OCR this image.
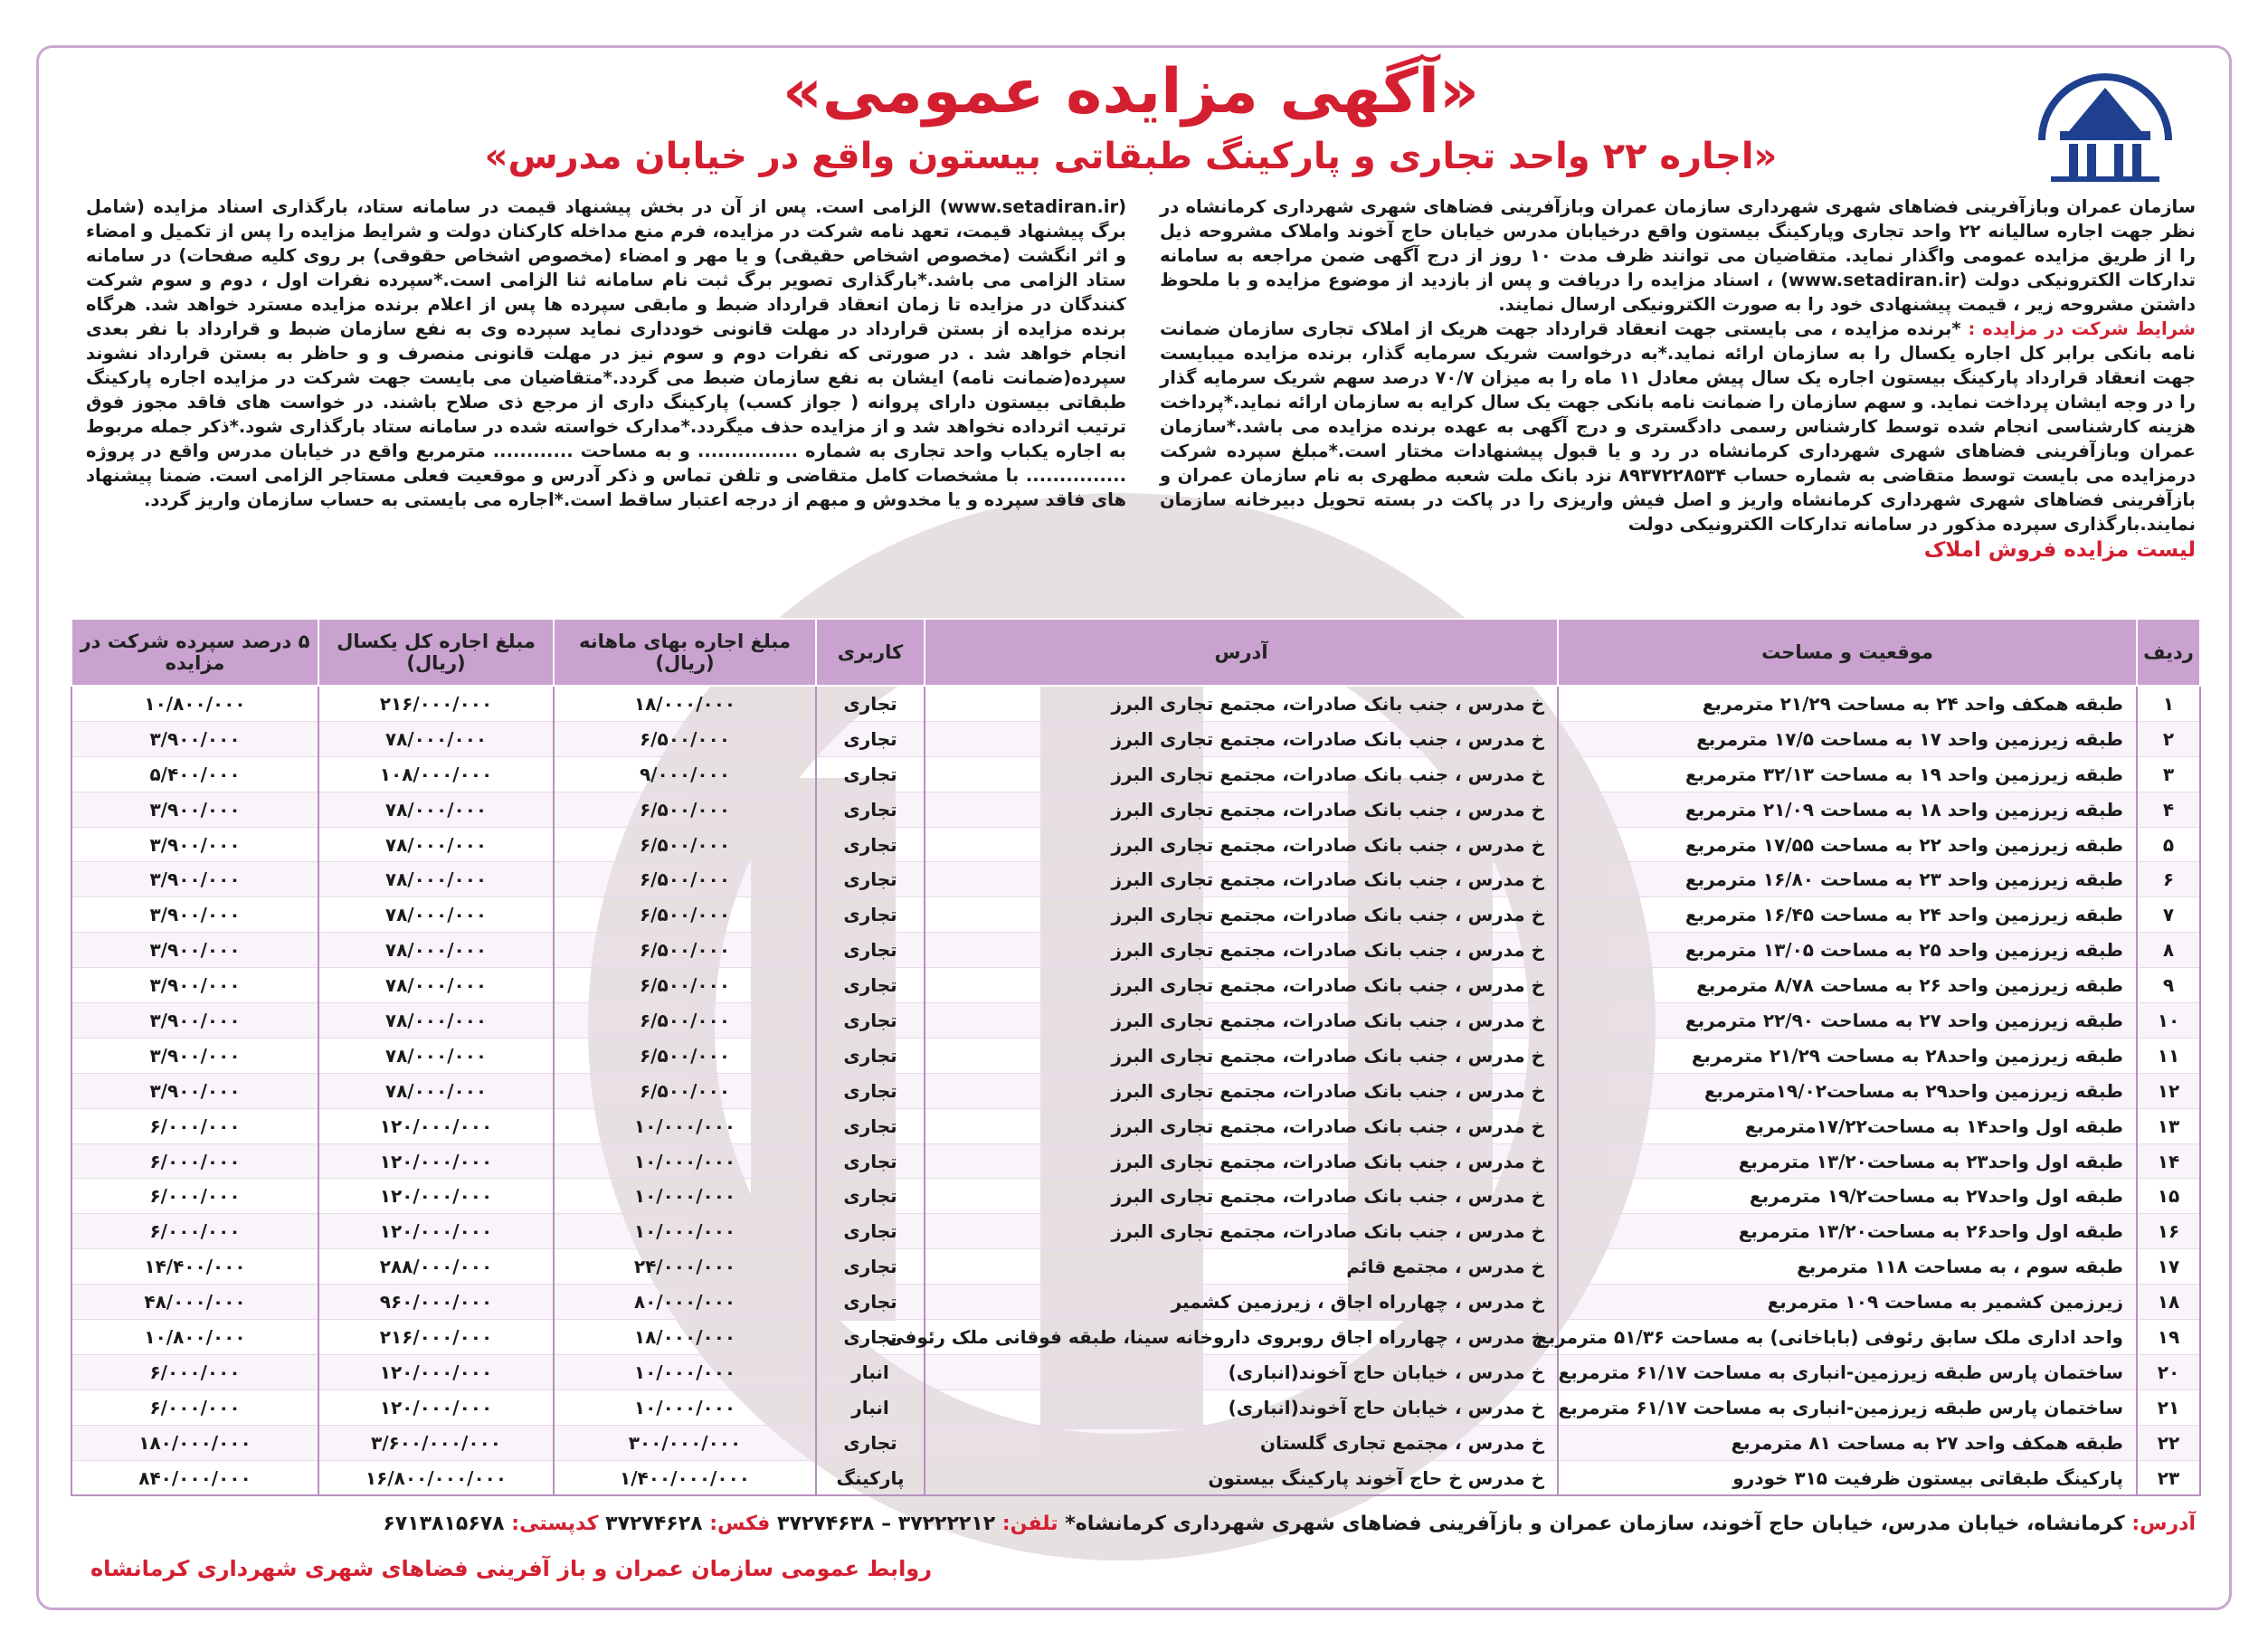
«آگهی مزایده عمومی»
«اجاره ۲۲ واحد تجاری و پارکینگ طبقاتی بیستون واقع در خیابان مدرس»
سازمان عمران وبازآفرینی فضاهای شهری شهرداری سازمان عمران وبازآفرینی فضاهای شهری شهرداری کرمانشاه در نظر جهت اجاره سالیانه ۲۲ واحد تجاری وپارکینگ بیستون واقع درخیابان مدرس خیابان حاج آخوند واملاک مشروحه ذیل را از طریق مزایده عمومی واگذار نماید. متقاضیان می توانند ظرف مدت ۱۰ روز از درج آگهی ضمن مراجعه به سامانه تدارکات الکترونیکی دولت (www.setadiran.ir) ، اسناد مزایده را دریافت و پس از بازدید از موضوع مزایده و با ملحوظ داشتن مشروحه زیر ، قیمت پیشنهادی خود را به صورت الکترونیکی ارسال نمایند.
شرایط شرکت در مزایده : *برنده مزایده ، می بایستی جهت انعقاد قرارداد جهت هریک از املاک تجاری سازمان ضمانت نامه بانکی برابر کل اجاره یکسال را به سازمان ارائه نماید.*به درخواست شریک سرمایه گذار، برنده مزایده میبایست جهت انعقاد قرارداد پارکینگ بیستون اجاره یک سال پیش معادل ۱۱ ماه را به میزان ۷۰/۷ درصد سهم شریک سرمایه گذار را در وجه ایشان پرداخت نماید. و سهم سازمان را ضمانت نامه بانکی جهت یک سال کرایه به سازمان ارائه نماید.*پرداخت هزینه کارشناسی انجام شده توسط کارشناس رسمی دادگستری و درج آگهی به عهده برنده مزایده می باشد.*سازمان عمران وبازآفرینی فضاهای شهری شهرداری کرمانشاه در رد و یا قبول پیشنهادات مختار است.*مبلغ سپرده شرکت درمزایده می بایست توسط متقاضی به شماره حساب ۸۹۳۷۲۲۸۵۳۴ نزد بانک ملت شعبه مطهری به نام سازمان عمران و بازآفرینی فضاهای شهری شهرداری کرمانشاه واریز و اصل فیش واریزی را در پاکت در بسته تحویل دبیرخانه سازمان نمایند.بارگذاری سپرده مذکور در سامانه تدارکات الکترونیکی دولت
(www.setadiran.ir) الزامی است. پس از آن در بخش پیشنهاد قیمت در سامانه ستاد، بارگذاری اسناد مزایده (شامل برگ پیشنهاد قیمت، تعهد نامه شرکت در مزایده، فرم منع مداخله کارکنان دولت و شرایط مزایده را پس از تکمیل و امضاء و اثر انگشت (مخصوص اشخاص حقیقی) و یا مهر و امضاء (مخصوص اشخاص حقوقی) بر روی کلیه صفحات) در سامانه ستاد الزامی می باشد.*بارگذاری تصویر برگ ثبت نام سامانه ثنا الزامی است.*سپرده نفرات اول ، دوم و سوم شرکت کنندگان در مزایده تا زمان انعقاد قرارداد ضبط و مابقی سپرده ها پس از اعلام برنده مزایده مسترد خواهد شد. هرگاه برنده مزایده از بستن قرارداد در مهلت قانونی خودداری نماید سپرده وی به نفع سازمان ضبط و قرارداد با نفر بعدی انجام خواهد شد . در صورتی که نفرات دوم و سوم نیز در مهلت قانونی منصرف و و حاظر به بستن قرارداد نشوند سپرده(ضمانت نامه) ایشان به نفع سازمان ضبط می گردد.*متقاضیان می بایست جهت شرکت در مزایده اجاره پارکینگ طبقاتی بیستون دارای پروانه ( جواز کسب) پارکینگ داری از مرجع ذی صلاح باشند. در خواست های فاقد مجوز فوق ترتیب اثرداده نخواهد شد و از مزایده حذف میگردد.*مدارک خواسته شده در سامانه ستاد بارگذاری شود.*ذکر جمله مربوط به اجاره یکباب واحد تجاری به شماره ............... و به مساحت ............ مترمربع واقع در خیابان مدرس واقع در پروژه ............... با مشخصات کامل متقاضی و تلفن تماس و ذکر آدرس و موقعیت فعلی مستاجر الزامی است. ضمنا پیشنهاد های فاقد سپرده و یا مخدوش و مبهم از درجه اعتبار ساقط است.*اجاره می بایستی به حساب سازمان واریز گردد.
لیست مزایده فروش املاک
ردیف	موقعیت و مساحت	آدرس	کاربری	مبلغ اجاره بهای ماهانه (ریال)	مبلغ اجاره کل یکسال (ریال)	۵ درصد سپرده شرکت در مزایده
۱	طبقه همکف واحد ۲۴ به مساحت ۲۱/۲۹ مترمربع	خ مدرس ، جنب بانک صادرات، مجتمع تجاری البرز	تجاری	۱۸/۰۰۰/۰۰۰	۲۱۶/۰۰۰/۰۰۰	۱۰/۸۰۰/۰۰۰
۲	طبقه زیرزمین واحد ۱۷ به مساحت ۱۷/۵ مترمربع	خ مدرس ، جنب بانک صادرات، مجتمع تجاری البرز	تجاری	۶/۵۰۰/۰۰۰	۷۸/۰۰۰/۰۰۰	۳/۹۰۰/۰۰۰
۳	طبقه زیرزمین واحد ۱۹ به مساحت ۳۲/۱۳ مترمربع	خ مدرس ، جنب بانک صادرات، مجتمع تجاری البرز	تجاری	۹/۰۰۰/۰۰۰	۱۰۸/۰۰۰/۰۰۰	۵/۴۰۰/۰۰۰
۴	طبقه زیرزمین واحد ۱۸ به مساحت ۲۱/۰۹ مترمربع	خ مدرس ، جنب بانک صادرات، مجتمع تجاری البرز	تجاری	۶/۵۰۰/۰۰۰	۷۸/۰۰۰/۰۰۰	۳/۹۰۰/۰۰۰
۵	طبقه زیرزمین واحد ۲۲ به مساحت ۱۷/۵۵ مترمربع	خ مدرس ، جنب بانک صادرات، مجتمع تجاری البرز	تجاری	۶/۵۰۰/۰۰۰	۷۸/۰۰۰/۰۰۰	۳/۹۰۰/۰۰۰
۶	طبقه زیرزمین واحد ۲۳ به مساحت ۱۶/۸۰ مترمربع	خ مدرس ، جنب بانک صادرات، مجتمع تجاری البرز	تجاری	۶/۵۰۰/۰۰۰	۷۸/۰۰۰/۰۰۰	۳/۹۰۰/۰۰۰
۷	طبقه زیرزمین واحد ۲۴ به مساحت ۱۶/۴۵ مترمربع	خ مدرس ، جنب بانک صادرات، مجتمع تجاری البرز	تجاری	۶/۵۰۰/۰۰۰	۷۸/۰۰۰/۰۰۰	۳/۹۰۰/۰۰۰
۸	طبقه زیرزمین واحد ۲۵ به مساحت ۱۳/۰۵ مترمربع	خ مدرس ، جنب بانک صادرات، مجتمع تجاری البرز	تجاری	۶/۵۰۰/۰۰۰	۷۸/۰۰۰/۰۰۰	۳/۹۰۰/۰۰۰
۹	طبقه زیرزمین واحد ۲۶ به مساحت ۸/۷۸ مترمربع	خ مدرس ، جنب بانک صادرات، مجتمع تجاری البرز	تجاری	۶/۵۰۰/۰۰۰	۷۸/۰۰۰/۰۰۰	۳/۹۰۰/۰۰۰
۱۰	طبقه زیرزمین واحد ۲۷ به مساحت ۲۲/۹۰ مترمربع	خ مدرس ، جنب بانک صادرات، مجتمع تجاری البرز	تجاری	۶/۵۰۰/۰۰۰	۷۸/۰۰۰/۰۰۰	۳/۹۰۰/۰۰۰
۱۱	طبقه زیرزمین واحد۲۸ به مساحت ۲۱/۲۹ مترمربع	خ مدرس ، جنب بانک صادرات، مجتمع تجاری البرز	تجاری	۶/۵۰۰/۰۰۰	۷۸/۰۰۰/۰۰۰	۳/۹۰۰/۰۰۰
۱۲	طبقه زیرزمین واحد۲۹ به مساحت۱۹/۰۲مترمربع	خ مدرس ، جنب بانک صادرات، مجتمع تجاری البرز	تجاری	۶/۵۰۰/۰۰۰	۷۸/۰۰۰/۰۰۰	۳/۹۰۰/۰۰۰
۱۳	طبقه اول واحد۱۴ به مساحت۱۷/۲۲مترمربع	خ مدرس ، جنب بانک صادرات، مجتمع تجاری البرز	تجاری	۱۰/۰۰۰/۰۰۰	۱۲۰/۰۰۰/۰۰۰	۶/۰۰۰/۰۰۰
۱۴	طبقه اول واحد۲۳ به مساحت۱۳/۲۰ مترمربع	خ مدرس ، جنب بانک صادرات، مجتمع تجاری البرز	تجاری	۱۰/۰۰۰/۰۰۰	۱۲۰/۰۰۰/۰۰۰	۶/۰۰۰/۰۰۰
۱۵	طبقه اول واحد۲۷ به مساحت۱۹/۲ مترمربع	خ مدرس ، جنب بانک صادرات، مجتمع تجاری البرز	تجاری	۱۰/۰۰۰/۰۰۰	۱۲۰/۰۰۰/۰۰۰	۶/۰۰۰/۰۰۰
۱۶	طبقه اول واحد۲۶ به مساحت۱۳/۲۰ مترمربع	خ مدرس ، جنب بانک صادرات، مجتمع تجاری البرز	تجاری	۱۰/۰۰۰/۰۰۰	۱۲۰/۰۰۰/۰۰۰	۶/۰۰۰/۰۰۰
۱۷	طبقه سوم ، به مساحت ۱۱۸ مترمربع	خ مدرس ، مجتمع قائم	تجاری	۲۴/۰۰۰/۰۰۰	۲۸۸/۰۰۰/۰۰۰	۱۴/۴۰۰/۰۰۰
۱۸	زیرزمین کشمیر به مساحت ۱۰۹ مترمربع	خ مدرس ، چهارراه اجاق ، زیرزمین کشمیر	تجاری	۸۰/۰۰۰/۰۰۰	۹۶۰/۰۰۰/۰۰۰	۴۸/۰۰۰/۰۰۰
۱۹	واحد اداری ملک سابق رئوفی (باباخانی) به مساحت ۵۱/۳۶ مترمربع	خ مدرس ، چهارراه اجاق روبروی داروخانه سینا، طبقه فوقانی ملک رئوفی	تجاری	۱۸/۰۰۰/۰۰۰	۲۱۶/۰۰۰/۰۰۰	۱۰/۸۰۰/۰۰۰
۲۰	ساختمان پارس طبقه زیرزمین-انباری به مساحت ۶۱/۱۷ مترمربع	خ مدرس ، خیابان حاج آخوند(انباری)	انبار	۱۰/۰۰۰/۰۰۰	۱۲۰/۰۰۰/۰۰۰	۶/۰۰۰/۰۰۰
۲۱	ساختمان پارس طبقه زیرزمین-انباری به مساحت ۶۱/۱۷ مترمربع	خ مدرس ، خیابان حاج آخوند(انباری)	انبار	۱۰/۰۰۰/۰۰۰	۱۲۰/۰۰۰/۰۰۰	۶/۰۰۰/۰۰۰
۲۲	طبقه همکف واحد ۲۷ به مساحت ۸۱ مترمربع	خ مدرس ، مجتمع تجاری گلستان	تجاری	۳۰۰/۰۰۰/۰۰۰	۳/۶۰۰/۰۰۰/۰۰۰	۱۸۰/۰۰۰/۰۰۰
۲۳	پارکینگ طبقاتی بیستون ظرفیت ۳۱۵ خودرو	خ مدرس خ حاج آخوند پارکینگ بیستون	پارکینگ	۱/۴۰۰/۰۰۰/۰۰۰	۱۶/۸۰۰/۰۰۰/۰۰۰	۸۴۰/۰۰۰/۰۰۰
آدرس: کرمانشاه، خیابان مدرس، خیابان حاج آخوند، سازمان عمران و بازآفرینی فضاهای شهری شهرداری کرمانشاه* تلفن: ۳۷۲۲۲۲۱۲ – ۳۷۲۷۴۶۳۸ فکس: ۳۷۲۷۴۶۲۸ کدپستی: ۶۷۱۳۸۱۵۶۷۸
روابط عمومی سازمان عمران و باز آفرینی فضاهای شهری شهرداری کرمانشاه
